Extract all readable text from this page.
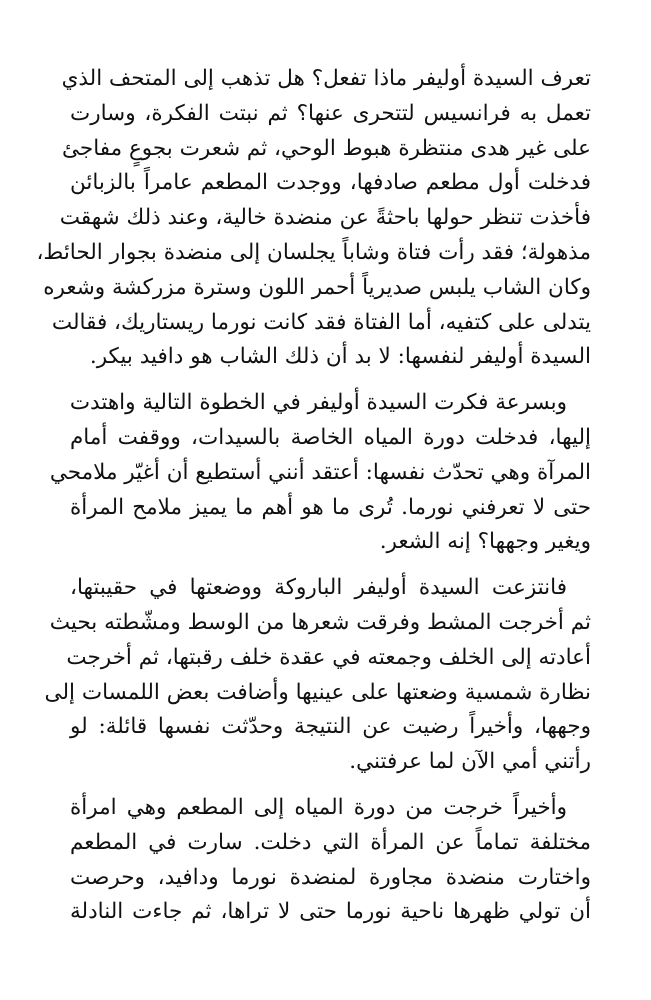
تعرف السيدة أوليفر ماذا تفعل؟ هل تذهب إلى المتحف الذي
تعمل به فرانسيس لتتحرى عنها؟ ثم نبتت الفكرة، وسارت
على غير هدى منتظرة هبوط الوحي، ثم شعرت بجوعٍ مفاجئ
فدخلت أول مطعم صادفها، ووجدت المطعم عامراً بالزبائن
فأخذت تنظر حولها باحثةً عن منضدة خالية، وعند ذلك شهقت
مذهولة؛ فقد رأت فتاة وشاباً يجلسان إلى منضدة بجوار الحائط،
وكان الشاب يلبس صديرياً أحمر اللون وسترة مزركشة وشعره
يتدلى على كتفيه، أما الفتاة فقد كانت نورما ريستاريك، فقالت
السيدة أوليفر لنفسها: لا بد أن ذلك الشاب هو دافيد بيكر.

وبسرعة فكرت السيدة أوليفر في الخطوة التالية واهتدت
إليها، فدخلت دورة المياه الخاصة بالسيدات، ووقفت أمام
المرآة وهي تحدّث نفسها: أعتقد أنني أستطيع أن أغيّر ملامحي
حتى لا تعرفني نورما. تُرى ما هو أهم ما يميز ملامح المرأة
ويغير وجهها؟ إنه الشعر.

فانتزعت السيدة أوليفر الباروكة ووضعتها في حقيبتها،
ثم أخرجت المشط وفرقت شعرها من الوسط ومشّطته بحيث
أعادته إلى الخلف وجمعته في عقدة خلف رقبتها، ثم أخرجت
نظارة شمسية وضعتها على عينيها وأضافت بعض اللمسات إلى
وجهها، وأخيراً رضيت عن النتيجة وحدّثت نفسها قائلة: لو
رأتني أمي الآن لما عرفتني.

وأخيراً خرجت من دورة المياه إلى المطعم وهي امرأة
مختلفة تماماً عن المرأة التي دخلت. سارت في المطعم
واختارت منضدة مجاورة لمنضدة نورما ودافيد، وحرصت
أن تولي ظهرها ناحية نورما حتى لا تراها، ثم جاءت النادلة
